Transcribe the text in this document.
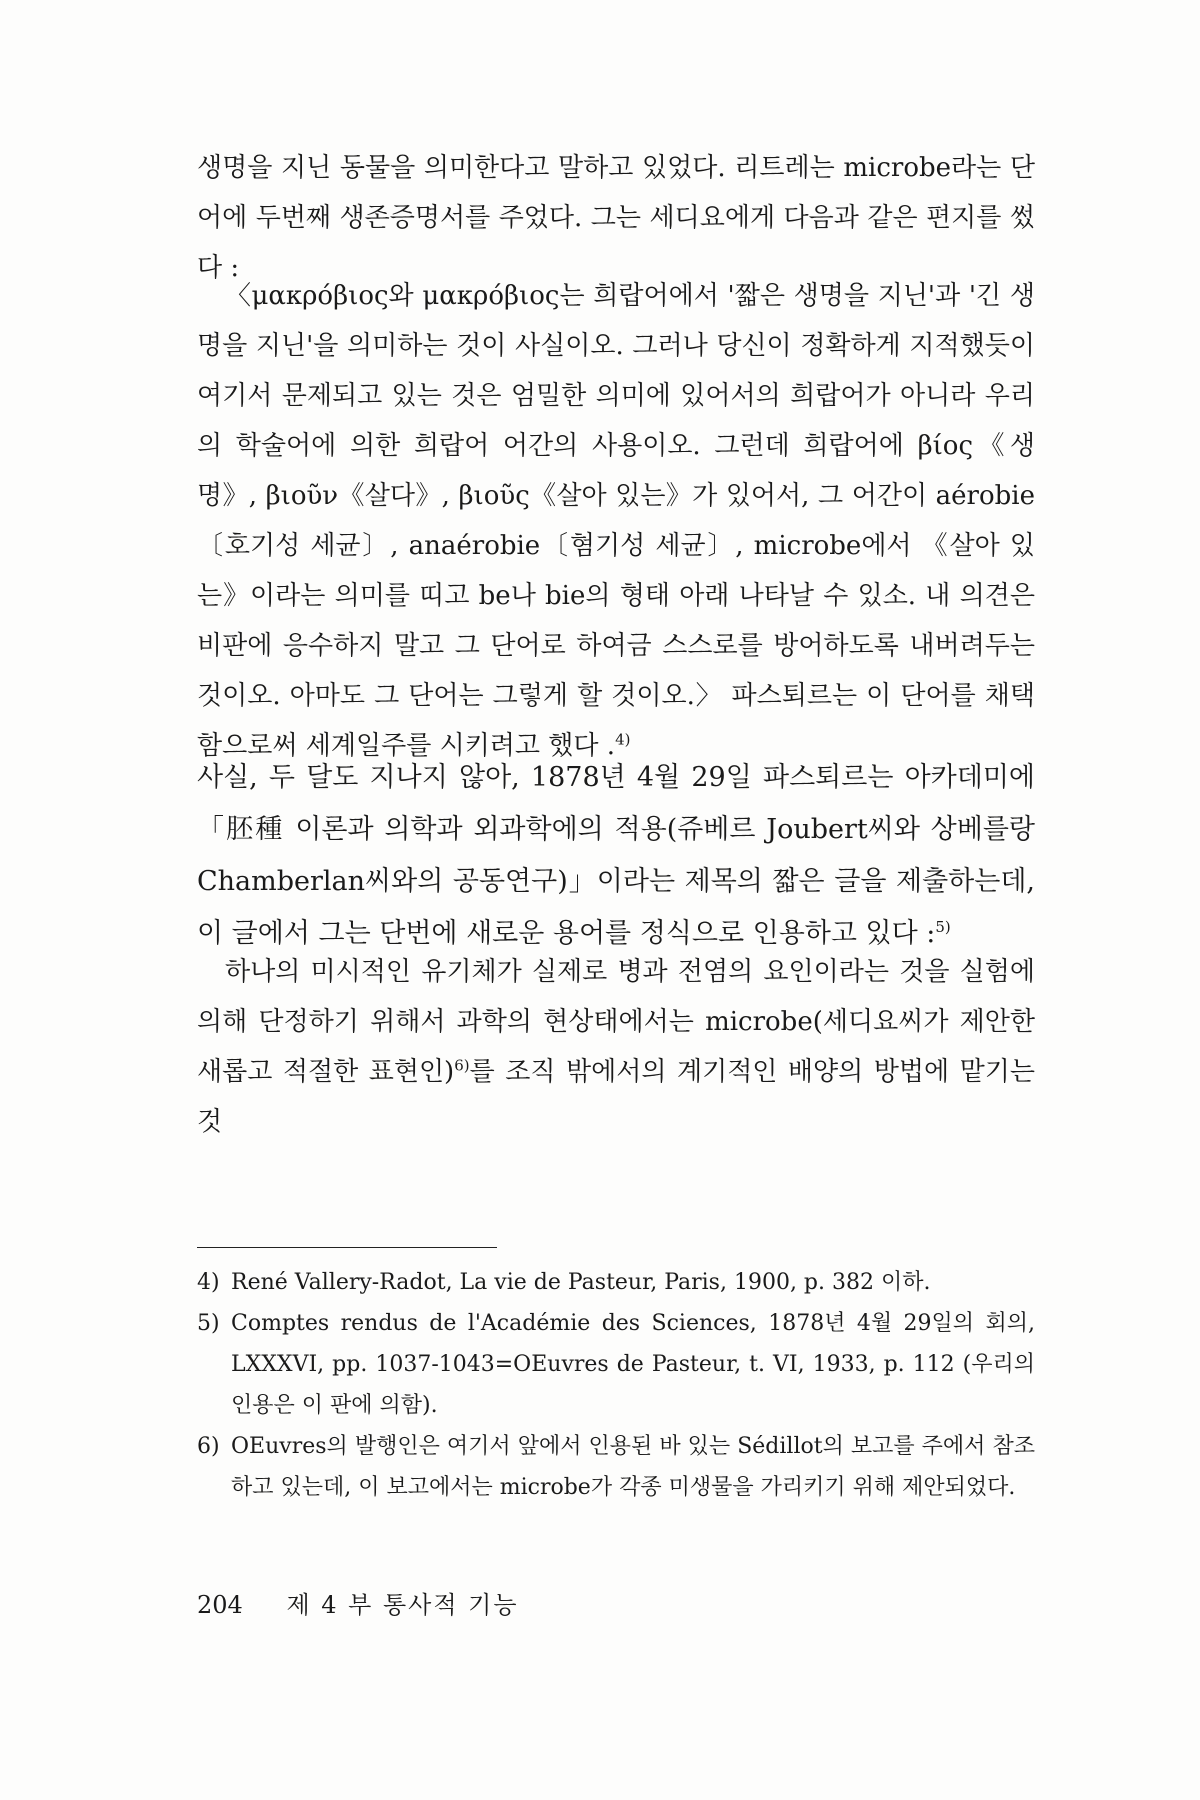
생명을 지닌 동물을 의미한다고 말하고 있었다. 리트레는 microbe라는 단어에 두번째 생존증명서를 주었다. 그는 세디요에게 다음과 같은 편지를 썼다 :

〈μακρόβιος와 μακρόβιος는 희랍어에서 '짧은 생명을 지닌'과 '긴 생명을 지닌'을 의미하는 것이 사실이오. 그러나 당신이 정확하게 지적했듯이 여기서 문제되고 있는 것은 엄밀한 의미에 있어서의 희랍어가 아니라 우리의 학술어에 의한 희랍어 어간의 사용이오. 그런데 희랍어에 βίος《생명》, βιοῦν《살다》, βιοῦς《살아 있는》가 있어서, 그 어간이 aérobie〔호기성 세균〕, anaérobie〔혐기성 세균〕, microbe에서 《살아 있는》이라는 의미를 띠고 be나 bie의 형태 아래 나타날 수 있소. 내 의견은 비판에 응수하지 말고 그 단어로 하여금 스스로를 방어하도록 내버려두는 것이오. 아마도 그 단어는 그렇게 할 것이오.〉 파스퇴르는 이 단어를 채택함으로써 세계일주를 시키려고 했다 .$^{4)}$

사실, 두 달도 지나지 않아, 1878년 4월 29일 파스퇴르는 아카데미에 「胚種 이론과 의학과 외과학에의 적용(쥬베르 Joubert씨와 상베를랑 Chamberlan씨와의 공동연구)」이라는 제목의 짧은 글을 제출하는데, 이 글에서 그는 단번에 새로운 용어를 정식으로 인용하고 있다 :$^{5)}$

하나의 미시적인 유기체가 실제로 병과 전염의 요인이라는 것을 실험에 의해 단정하기 위해서 과학의 현상태에서는 microbe(세디요씨가 제안한 새롭고 적절한 표현인)$^{6)}$를 조직 밖에서의 계기적인 배양의 방법에 맡기는 것

4) René Vallery-Radot, La vie de Pasteur, Paris, 1900, p. 382 이하.
5) Comptes rendus de l'Académie des Sciences, 1878년 4월 29일의 회의, LXXXVI, pp. 1037-1043=OEuvres de Pasteur, t. VI, 1933, p. 112 (우리의 인용은 이 판에 의함).
6) OEuvres의 발행인은 여기서 앞에서 인용된 바 있는 Sédillot의 보고를 주에서 참조하고 있는데, 이 보고에서는 microbe가 각종 미생물을 가리키기 위해 제안되었다.
204 제 4 부 통사적 기능
